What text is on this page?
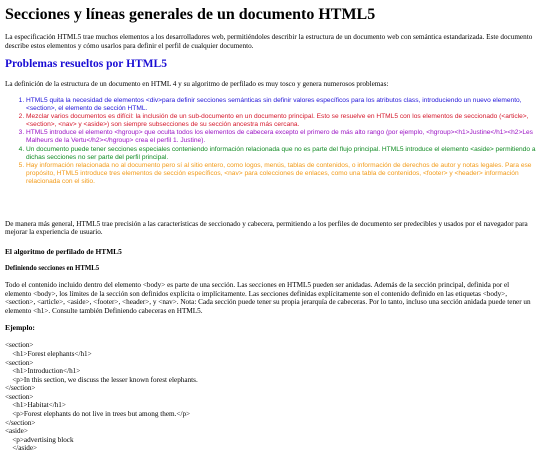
Secciones y líneas generales de un documento HTML5

La especificación HTML5 trae muchos elementos a los desarrolladores web, permitiéndoles describir la estructura de un documento web con semántica estandarizada. Este documento describe estos elementos y cómo usarlos para definir el perfil de cualquier documento.

Problemas resueltos por HTML5

La definición de la estructura de un documento en HTML 4 y su algoritmo de perfilado es muy tosco y genera numerosos problemas:

1. HTML5 quita la necesidad de elementos <div>para definir secciones semánticas sin definir valores específicos para los atributos class, introduciendo un nuevo elemento, <section>, el elemento de sección HTML.
2. Mezclar varios documentos es difícil: la inclusión de un sub-documento en un documento principal. Esto se resuelve en HTML5 con los elementos de seccionado (<article>, <section>, <nav> y <aside>) son siempre subsecciones de su sección ancestra más cercana.
3. HTML5 introduce el elemento <hgroup> que oculta todos los elementos de cabecera excepto el primero de más alto rango (por ejemplo, <hgroup><h1>Justine</h1><h2>Les Malheurs de la Vertu</h2></hgroup> crea el perfil 1. Justine).
4. Un documento puede tener secciones especiales conteniendo información relacionada que no es parte del flujo principal. HTML5 introduce el elemento <aside> permitiendo a dichas secciones no ser parte del perfil principal.
5. Hay información relacionada no al documento pero sí al sitio entero, como logos, menús, tablas de contenidos, o información de derechos de autor y notas legales. Para ese propósito, HTML5 introduce tres elementos de sección específicos, <nav> para colecciones de enlaces, como una tabla de contenidos, <footer> y <header> información relacionada con el sitio.

De manera más general, HTML5 trae precisión a las características de seccionado y cabecera, permitiendo a los perfiles de documento ser predecibles y usados por el navegador para mejorar la experiencia de usuario.

El algoritmo de perfilado de HTML5
Definiendo secciones en HTML5

Todo el contenido incluido dentro del elemento <body> es parte de una sección. Las secciones en HTML5 pueden ser anidadas. Además de la sección principal, definida por el elemento <body>, los límites de la sección son definidos explícita o implícitamente. Las secciones definidas explícitamente son el contenido definido en las etiquetas <body>, <section>, <article>, <aside>, <footer>, <header>, y <nav>. Nota: Cada sección puede tener su propia jerarquía de cabeceras. Por lo tanto, incluso una sección anidada puede tener un elemento <h1>. Consulte también Definiendo cabeceras en HTML5.

Ejemplo:
<section>
<h1>Forest elephants</h1>
<section>
<h1>Introduction</h1>
<p>In this section, we discuss the lesser known forest elephants.
</section>
<section>
<h1>Habitat</h1>
<p>Forest elephants do not live in trees but among them.</p>
</section>
<aside>
<p>advertising block
</aside>
